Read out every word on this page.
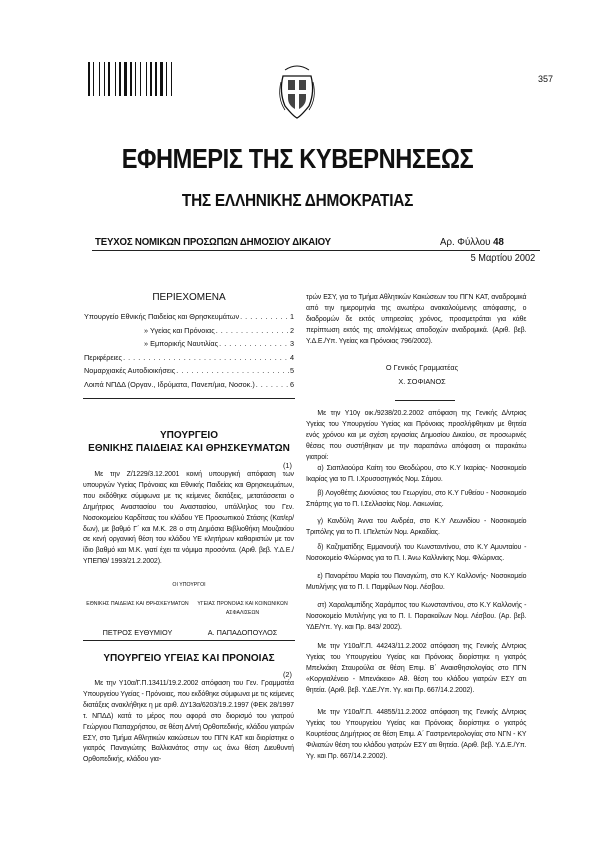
357
ΕΦΗΜΕΡΙΣ ΤΗΣ ΚΥΒΕΡΝΗΣΕΩΣ
ΤΗΣ ΕΛΛΗΝΙΚΗΣ ΔΗΜΟΚΡΑΤΙΑΣ
ΤΕΥΧΟΣ ΝΟΜΙΚΩΝ ΠΡΟΣΩΠΩΝ ΔΗΜΟΣΙΟΥ ΔΙΚΑΙΟΥ	Αρ. Φύλλου 48
5 Μαρτίου 2002
ΠΕΡΙΕΧΟΜΕΝΑ
Υπουργείο Εθνικής Παιδείας και Θρησκευμάτων . . .	1
» Υγείας και Πρόνοιας . . .	2
» Εμπορικής Ναυτιλίας . . .	3
Περιφέρειες . . .	4
Νομαρχιακές Αυτοδιοικήσεις . . .	5
Λοιπά ΝΠΔΔ (Οργαν., Ιδρύματα, Πανεπ/μια, Νοσοκ.) . . .	6
ΥΠΟΥΡΓΕΙΟ
ΕΘΝΙΚΗΣ ΠΑΙΔΕΙΑΣ ΚΑΙ ΘΡΗΣΚΕΥΜΑΤΩΝ
(1)
Με την Ζ/1229/3.12.2001 κοινή υπουργική απόφαση των υπουργών Υγείας Πρόνοιας και Εθνικής Παιδείας και Θρησκευμάτων, που εκδόθηκε σύμφωνα με τις κείμενες διατάξεις, μετατάσσεται ο Δημήτριος Αναστασίου του Αναστασίου, υπάλληλος του Γεν. Νοσοκομείου Καρδίτσας του κλάδου ΥΕ Προσωπικού Στάσης (Κατ/ερ/δων), με βαθμό Γ΄ και Μ.Κ. 28 ο στη Δημόσια Βιβλιοθήκη Μουζακίου σε κενή οργανική θέση του κλάδου ΥΕ κλητήρων καθαριστών με τον ίδιο βαθμό και Μ.Κ. γιατί έχει τα νόμιμα προσόντα. (Αριθ. βεβ. Υ.Δ.Ε./ΥΠΕΠΘ/ 1993/21.2.2002).
ΟΙ ΥΠΟΥΡΓΟΙ
ΕΘΝΙΚΗΣ ΠΑΙΔΕΙΑΣ ΚΑΙ ΘΡΗΣΚΕΥΜΑΤΩΝ	ΥΓΕΙΑΣ ΠΡΟΝΟΙΑΣ ΚΑΙ ΚΟΙΝΩΝΙΚΩΝ ΑΣΦΑΛΙΣΕΩΝ
ΠΕΤΡΟΣ ΕΥΘΥΜΙΟΥ	Α. ΠΑΠΑΔΟΠΟΥΛΟΣ
ΥΠΟΥΡΓΕΙΟ ΥΓΕΙΑΣ ΚΑΙ ΠΡΟΝΟΙΑΣ
(2)
Με την Υ10α/Γ.Π.13411/19.2.2002 απόφαση του Γεν. Γραμματέα Υπουργείου Υγείας - Πρόνοιας, που εκδόθηκε σύμφωνα με τις κείμενες διατάξεις ανακλήθηκε η με αριθ. ΔΥ13α/6203/19.2.1997 (ΦΕΚ 28/1997 τ. ΝΠΔΔ) κατά το μέρος που αφορά στο διορισμό του γιατρού Γεώργιου Παπαχρήστου, σε θέση Δ/ντή Ορθοπεδικής, κλάδου γιατρών ΕΣΥ, στο Τμήμα Αθλητικών κακώσεων του ΠΓΝ ΚΑΤ και διορίστηκε ο γιατρός Παναγιώτης Βαλλιανάτος στην ως άνω θέση Διευθυντή Ορθοπεδικής, κλάδου για-
τρών ΕΣΥ, για το Τμήμα Αθλητικών Κακώσεων του ΠΓΝ ΚΑΤ, αναδρομικά από την ημερομηνία της ανωτέρω ανακαλούμενης απόφασης, ο διαδρομών δε εκτός υπηρεσίας χρόνος, προσμετράται για κάθε περίπτωση εκτός της απολήψεως αποδοχών αναδρομικά. (Αριθ. βεβ. Υ.Δ.Ε./Υπ. Υγείας και Πρόνοιας 796/2002).
Ο Γενικός Γραμματέας
Χ. ΣΟΦΙΑΝΟΣ
Με την Υ10γ οικ./9238/20.2.2002 απόφαση της Γενικής Δ/ντριας Υγείας του Υπουργείου Υγείας και Πρόνοιας προσλήφθηκαν με θητεία ενός χρόνου και με σχέση εργασίας Δημοσίου Δικαίου, σε προσωρινές θέσεις που συστήθηκαν με την παραπάνω απόφαση οι παρακάτω γιατροί:
α) Σιαπλαούρα Καίτη του Θεοδώρου, στο Κ.Υ Ικαρίας- Νοσοκομείο Ικαρίας για το Π. Ι.Χρυσοσηγικός Νομ. Σάμου.
β) Λογοθέτης Διονύσιος του Γεωργίου, στο Κ.Υ Γυθείου - Νοσοκομείο Σπάρτης για το Π. Ι.Σελλασίας Νομ. Λακωνίας.
γ) Κανδύλη Άννα του Ανδρέα, στο Κ.Υ Λεωνιδίου - Νοσοκομείο Τριπόλης για το Π. Ι.Πελετών Νομ. Αρκαδίας.
δ) Καζηματίδης Εμμανουήλ του Κωνσταντίνου, στο Κ.Υ Αμυνταίου - Νοσοκομείο Φλώρινας για το Π. Ι. Άνω Καλλινίκης Νομ. Φλώρινας.
ε) Παναρέτου Μαρία του Παναγιώτη, στο Κ.Υ Καλλονής- Νοσοκομείο Μυτιλήνης για το Π. Ι. Παμφίλων Νομ. Λέσβου.
στ) Χαραλαμπίδης Χαράμπος του Κωνσταντίνου, στο Κ.Υ Καλλονής - Νοσοκομείο Μυτιλήνης για το Π. Ι. Παρακοίλων Νομ. Λέσβου. (Αρ. βεβ. ΥΔΕ/Υπ. Υγ. και Πρ. 843/ 2002).
Με την Υ10α/Γ.Π. 44243/11.2.2002 απόφαση της Γενικής Δ/ντριας Υγείας του Υπουργείου Υγείας και Πρόνοιας διορίστηκε η γιατρός Μπελκάκη Σταυρούλα σε θέση Επιμ. Β΄ Αναισθησιολογίας στο ΠΓΝ «Κοργιαλένειο - Μπενάκειο» Αθ. θέση του κλάδου γιατρών ΕΣΥ ατι θητεία. (Αριθ. βεβ. Υ.ΔΕ./Υπ. Υγ. και Πρ. 667/14.2.2002).
Με την Υ10α/Γ.Π. 44855/11.2.2002 απόφαση της Γενικής Δ/ντριας Υγείας του Υπουργείου Υγείας και Πρόνοιας διορίστηκε ο γιατρός Κουρτέσας Δημήτριος σε θέση Επιμ. Α΄ Γαστρεντερολογίας στο ΝΓΝ - ΚΥ Φιλιατών θέση του κλάδου γιατρών ΕΣΥ ατι θητεία. (Αριθ. βεβ. Υ.Δ.Ε./Υπ. Υγ. και Πρ. 667/14.2.2002).
